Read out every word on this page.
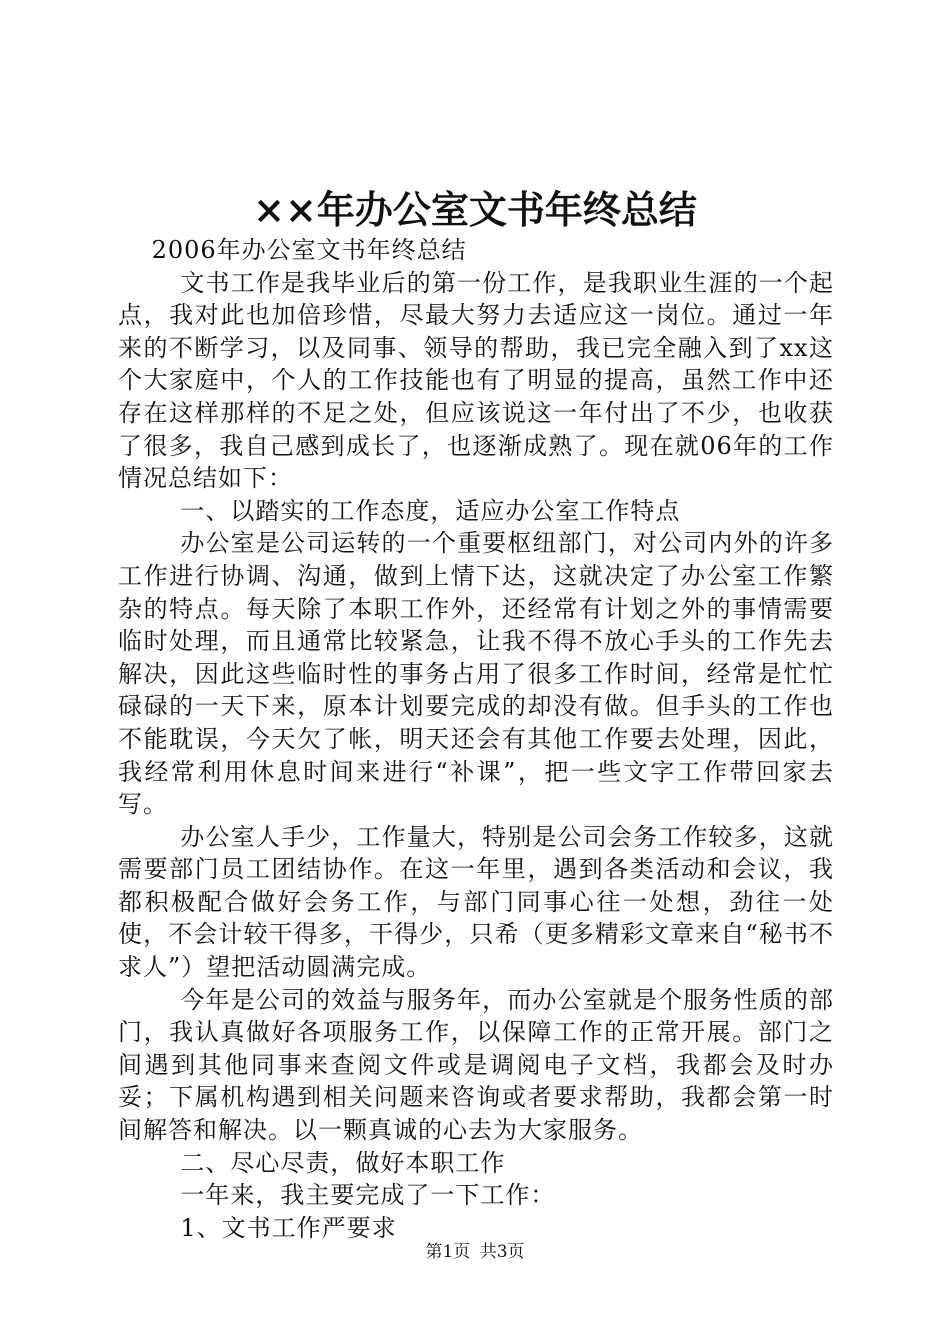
××年办公室文书年终总结

2006年办公室文书年终总结

文书工作是我毕业后的第一份工作，是我职业生涯的一个起点，我对此也加倍珍惜，尽最大努力去适应这一岗位。通过一年来的不断学习，以及同事、领导的帮助，我已完全融入到了xx这个大家庭中，个人的工作技能也有了明显的提高，虽然工作中还存在这样那样的不足之处，但应该说这一年付出了不少，也收获了很多，我自己感到成长了，也逐渐成熟了。现在就06年的工作情况总结如下：

一、以踏实的工作态度，适应办公室工作特点

办公室是公司运转的一个重要枢纽部门，对公司内外的许多工作进行协调、沟通，做到上情下达，这就决定了办公室工作繁杂的特点。每天除了本职工作外，还经常有计划之外的事情需要临时处理，而且通常比较紧急，让我不得不放心手头的工作先去解决，因此这些临时性的事务占用了很多工作时间，经常是忙忙碌碌的一天下来，原本计划要完成的却没有做。但手头的工作也不能耽误，今天欠了帐，明天还会有其他工作要去处理，因此，我经常利用休息时间来进行“补课”，把一些文字工作带回家去写。

办公室人手少，工作量大，特别是公司会务工作较多，这就需要部门员工团结协作。在这一年里，遇到各类活动和会议，我都积极配合做好会务工作，与部门同事心往一处想，劲往一处使，不会计较干得多，干得少，只希（更多精彩文章来自“秘书不求人”）望把活动圆满完成。

今年是公司的效益与服务年，而办公室就是个服务性质的部门，我认真做好各项服务工作，以保障工作的正常开展。部门之间遇到其他同事来查阅文件或是调阅电子文档，我都会及时办妥；下属机构遇到相关问题来咨询或者要求帮助，我都会第一时间解答和解决。以一颗真诚的心去为大家服务。

二、尽心尽责，做好本职工作

一年来，我主要完成了一下工作：

1、文书工作严要求

第1页 共3页
